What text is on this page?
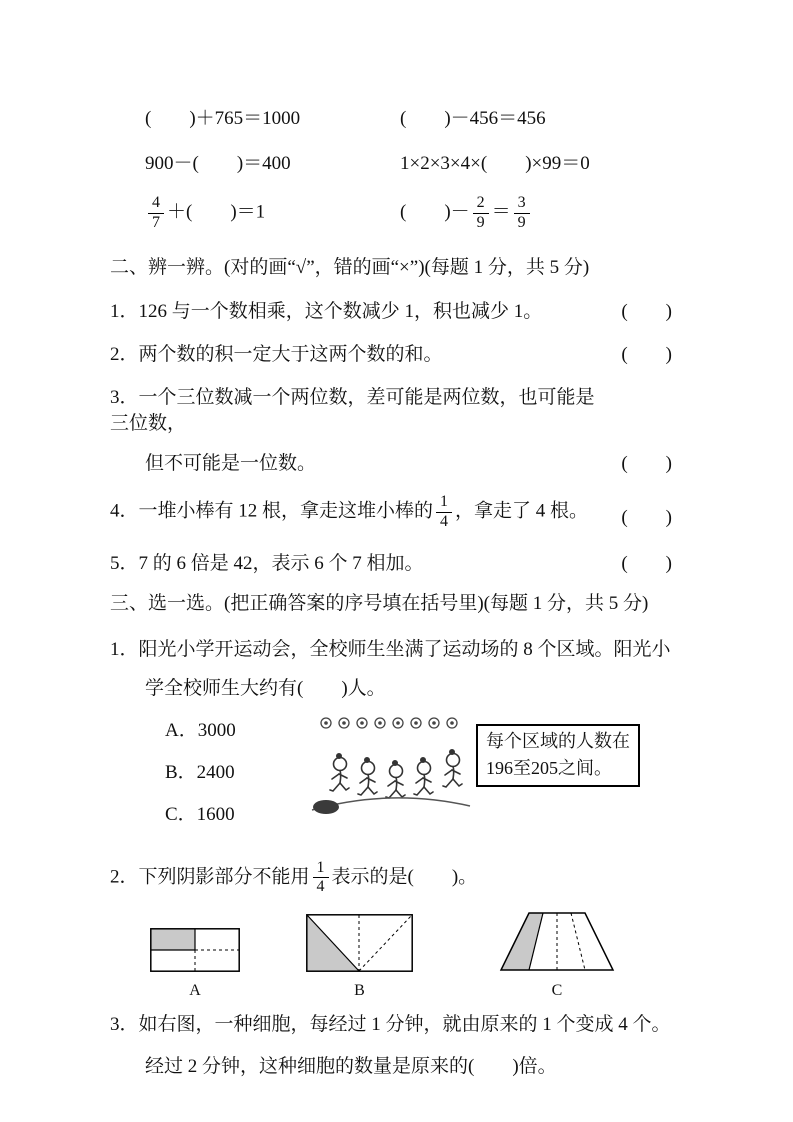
(　　)＋765＝1000	(　　)－456＝456
900－(　　)＝400	1×2×3×4×(　　)×99＝0
$\frac{4}{7}$ ＋(　　)＝1	(　　)－ $\frac{2}{9} = \frac{3}{9}$
二、辨一辨。(对的画“√”，错的画“×”)(每题 1 分，共 5 分)
1．126 与一个数相乘，这个数减少 1，积也减少 1。	(　　)
2．两个数的积一定大于这两个数的和。	(　　)
3．一个三位数减一个两位数，差可能是两位数，也可能是三位数，
但不可能是一位数。	(　　)
4．一堆小棒有 12 根，拿走这堆小棒的 $\frac{1}{4}$ ，拿走了 4 根。 (　　)
5．7 的 6 倍是 42，表示 6 个 7 相加。	(　　)
三、选一选。(把正确答案的序号填在括号里)(每题 1 分，共 5 分)
1．阳光小学开运动会，全校师生坐满了运动场的 8 个区域。阳光小
学全校师生大约有(　　)人。
A．3000
B．2400
C．1600
每个区域的人数在
196至205之间。
2．下列阴影部分不能用 $\frac{1}{4}$ 表示的是(　　)。
A	B	C
3．如右图，一种细胞，每经过 1 分钟，就由原来的 1 个变成 4 个。
经过 2 分钟，这种细胞的数量是原来的(　　)倍。
